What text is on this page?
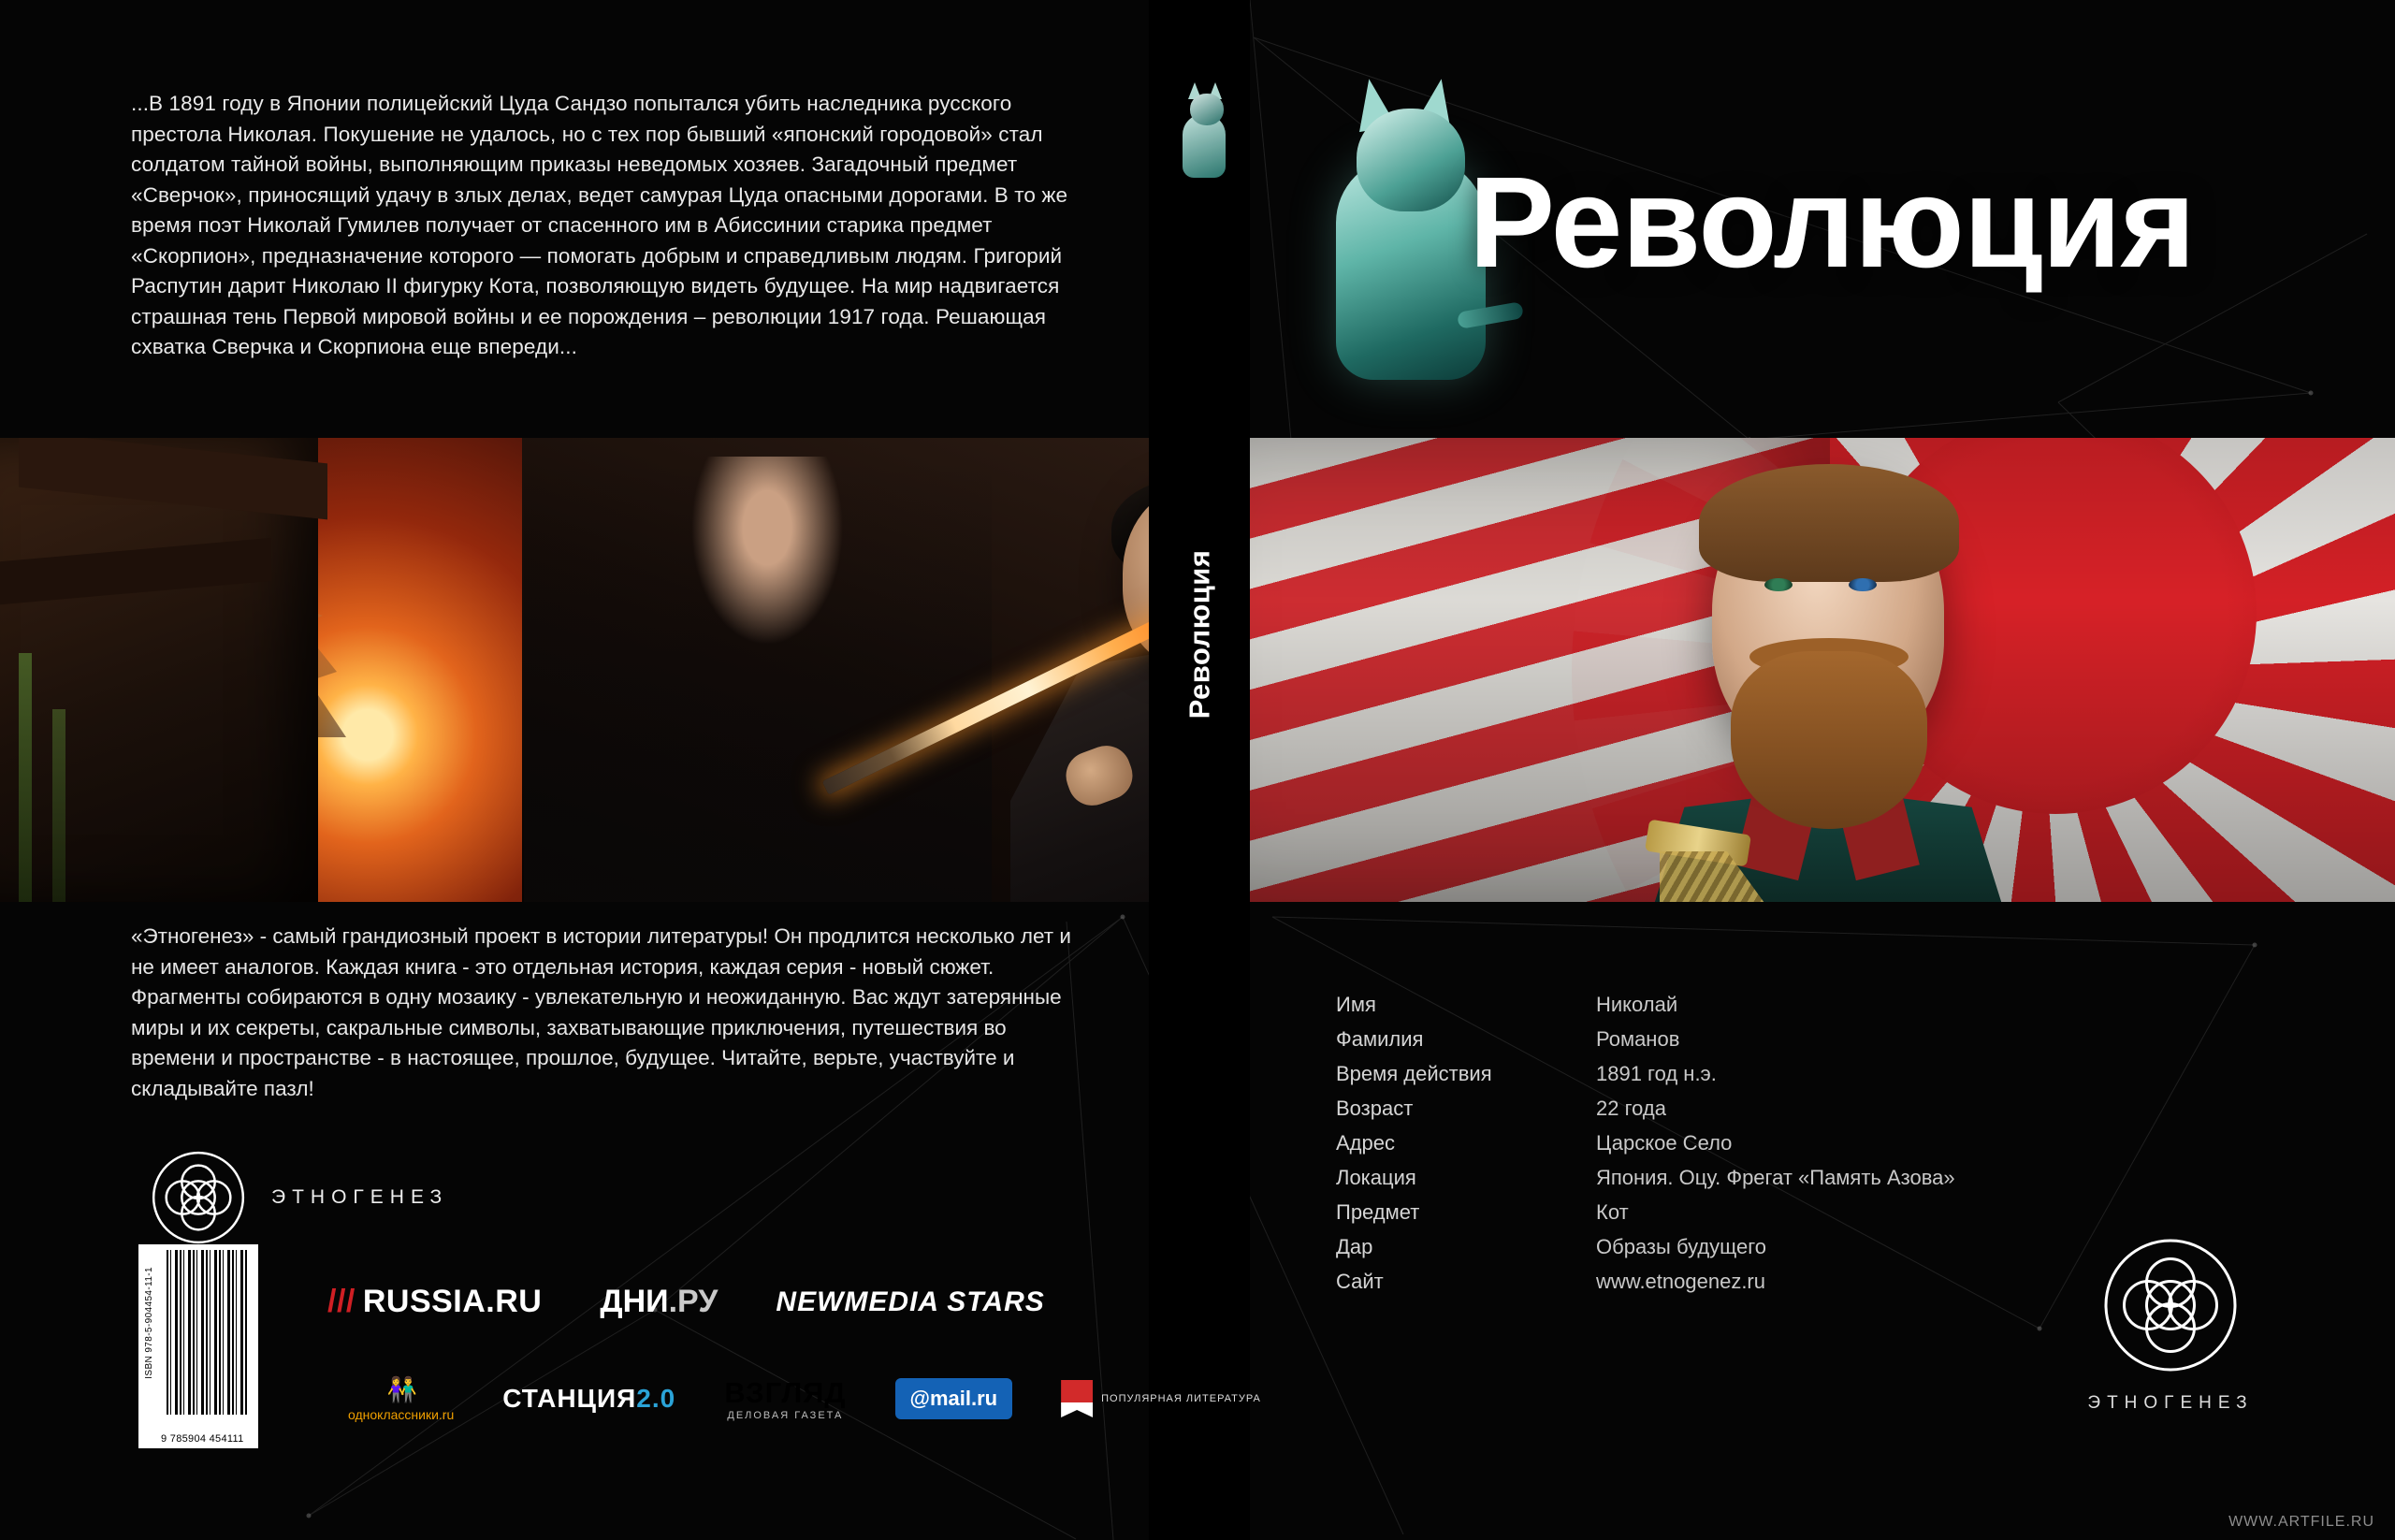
...В 1891 году в Японии полицейский Цуда Сандзо попытался убить наследника русского престола Николая. Покушение не удалось, но с тех пор бывший «японский городовой» стал солдатом тайной войны, выполняющим приказы неведомых хозяев. Загадочный предмет «Сверчок», приносящий удачу в злых делах, ведет самурая Цуда опасными дорогами. В то же время поэт Николай Гумилев получает от спасенного им в Абиссинии старика предмет «Скорпион», предназначение которого — помогать добрым и справедливым людям. Григорий Распутин дарит Николаю II фигурку Кота, позволяющую видеть будущее. На мир надвигается страшная тень Первой мировой войны и ее порождения – революции 1917 года. Решающая схватка Сверчка и Скорпиона еще впереди...
Революция
Революция
Имя	Николай
Фамилия	Романов
Время действия	1891 год н.э.
Возраст	22 года
Адрес	Царское Село
Локация	Япония. Оцу. Фрегат «Память Азова»
Предмет	Кот
Дар	Образы будущего
Сайт	www.etnogenez.ru
ЭТНОГЕНЕЗ
«Этногенез» - самый грандиозный проект в истории литературы! Он продлится несколько лет и не имеет аналогов. Каждая книга - это отдельная история, каждая серия - новый сюжет. Фрагменты собираются в одну мозаику - увлекательную и неожиданную. Вас ждут затерянные миры и их секреты, сакральные символы, захватывающие приключения, путешествия во времени и пространстве - в настоящее, прошлое, будущее. Читайте, верьте, участвуйте и складывайте пазл!
ЭТНОГЕНЕЗ
ISBN 978-5-904454-11-1
9 785904 454111
/// RUSSIA.RU ДНИ .РУ NEWMEDIA STARS
👫
одноклассники.ru
СТАНЦИЯ 2.0 ВЗГЛЯД
ДЕЛОВАЯ ГАЗЕТА
@mail.ru	ПОПУЛЯРНАЯ ЛИТЕРАТУРА
WWW.ARTFILE.RU
